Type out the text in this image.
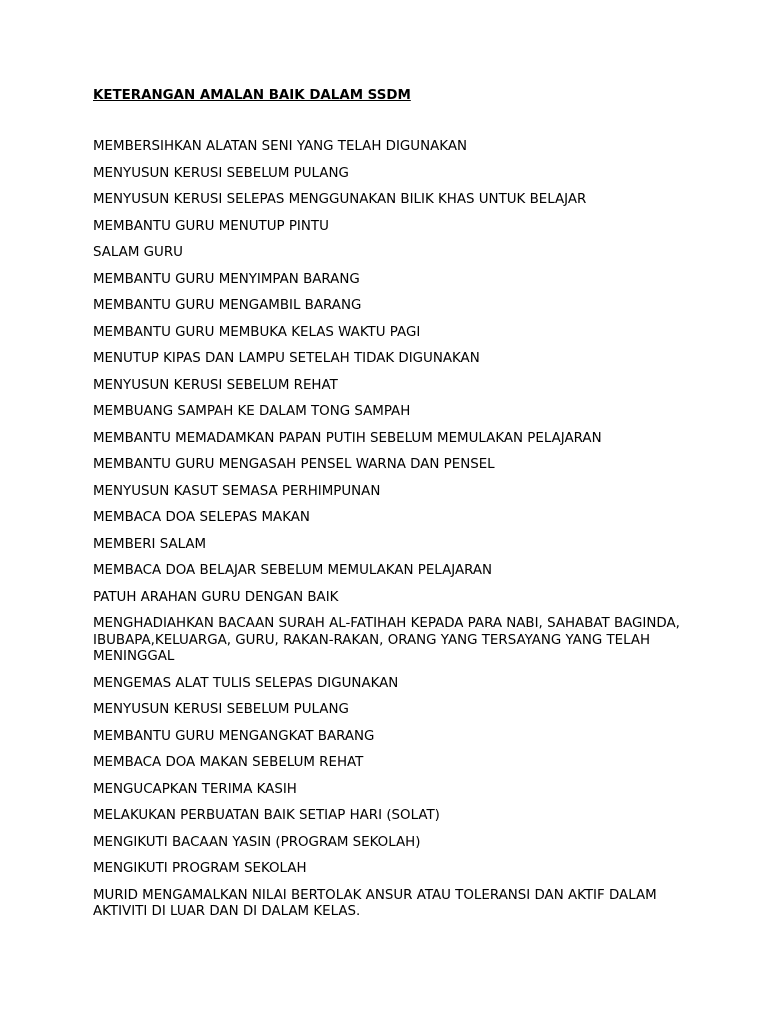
KETERANGAN AMALAN BAIK DALAM SSDM
MEMBERSIHKAN ALATAN SENI YANG TELAH DIGUNAKAN
MENYUSUN KERUSI SEBELUM PULANG
MENYUSUN KERUSI SELEPAS MENGGUNAKAN BILIK KHAS UNTUK BELAJAR
MEMBANTU GURU MENUTUP PINTU
SALAM GURU
MEMBANTU GURU MENYIMPAN BARANG
MEMBANTU GURU MENGAMBIL BARANG
MEMBANTU GURU MEMBUKA KELAS WAKTU PAGI
MENUTUP KIPAS DAN LAMPU SETELAH TIDAK DIGUNAKAN
MENYUSUN KERUSI SEBELUM REHAT
MEMBUANG SAMPAH KE DALAM TONG SAMPAH
MEMBANTU MEMADAMKAN PAPAN PUTIH SEBELUM MEMULAKAN PELAJARAN
MEMBANTU GURU MENGASAH PENSEL WARNA DAN PENSEL
MENYUSUN KASUT SEMASA PERHIMPUNAN
MEMBACA DOA SELEPAS MAKAN
MEMBERI SALAM
MEMBACA DOA BELAJAR SEBELUM MEMULAKAN PELAJARAN
PATUH ARAHAN GURU DENGAN BAIK
MENGHADIAHKAN BACAAN SURAH AL-FATIHAH KEPADA PARA NABI, SAHABAT BAGINDA, IBUBAPA,KELUARGA, GURU, RAKAN-RAKAN, ORANG YANG TERSAYANG YANG TELAH MENINGGAL
MENGEMAS ALAT TULIS SELEPAS DIGUNAKAN
MENYUSUN KERUSI SEBELUM PULANG
MEMBANTU GURU MENGANGKAT BARANG
MEMBACA DOA MAKAN SEBELUM REHAT
MENGUCAPKAN TERIMA KASIH
MELAKUKAN PERBUATAN BAIK SETIAP HARI (SOLAT)
MENGIKUTI BACAAN YASIN (PROGRAM SEKOLAH)
MENGIKUTI PROGRAM SEKOLAH
MURID MENGAMALKAN NILAI BERTOLAK ANSUR ATAU TOLERANSI DAN AKTIF DALAM AKTIVITI DI LUAR DAN DI DALAM KELAS.
